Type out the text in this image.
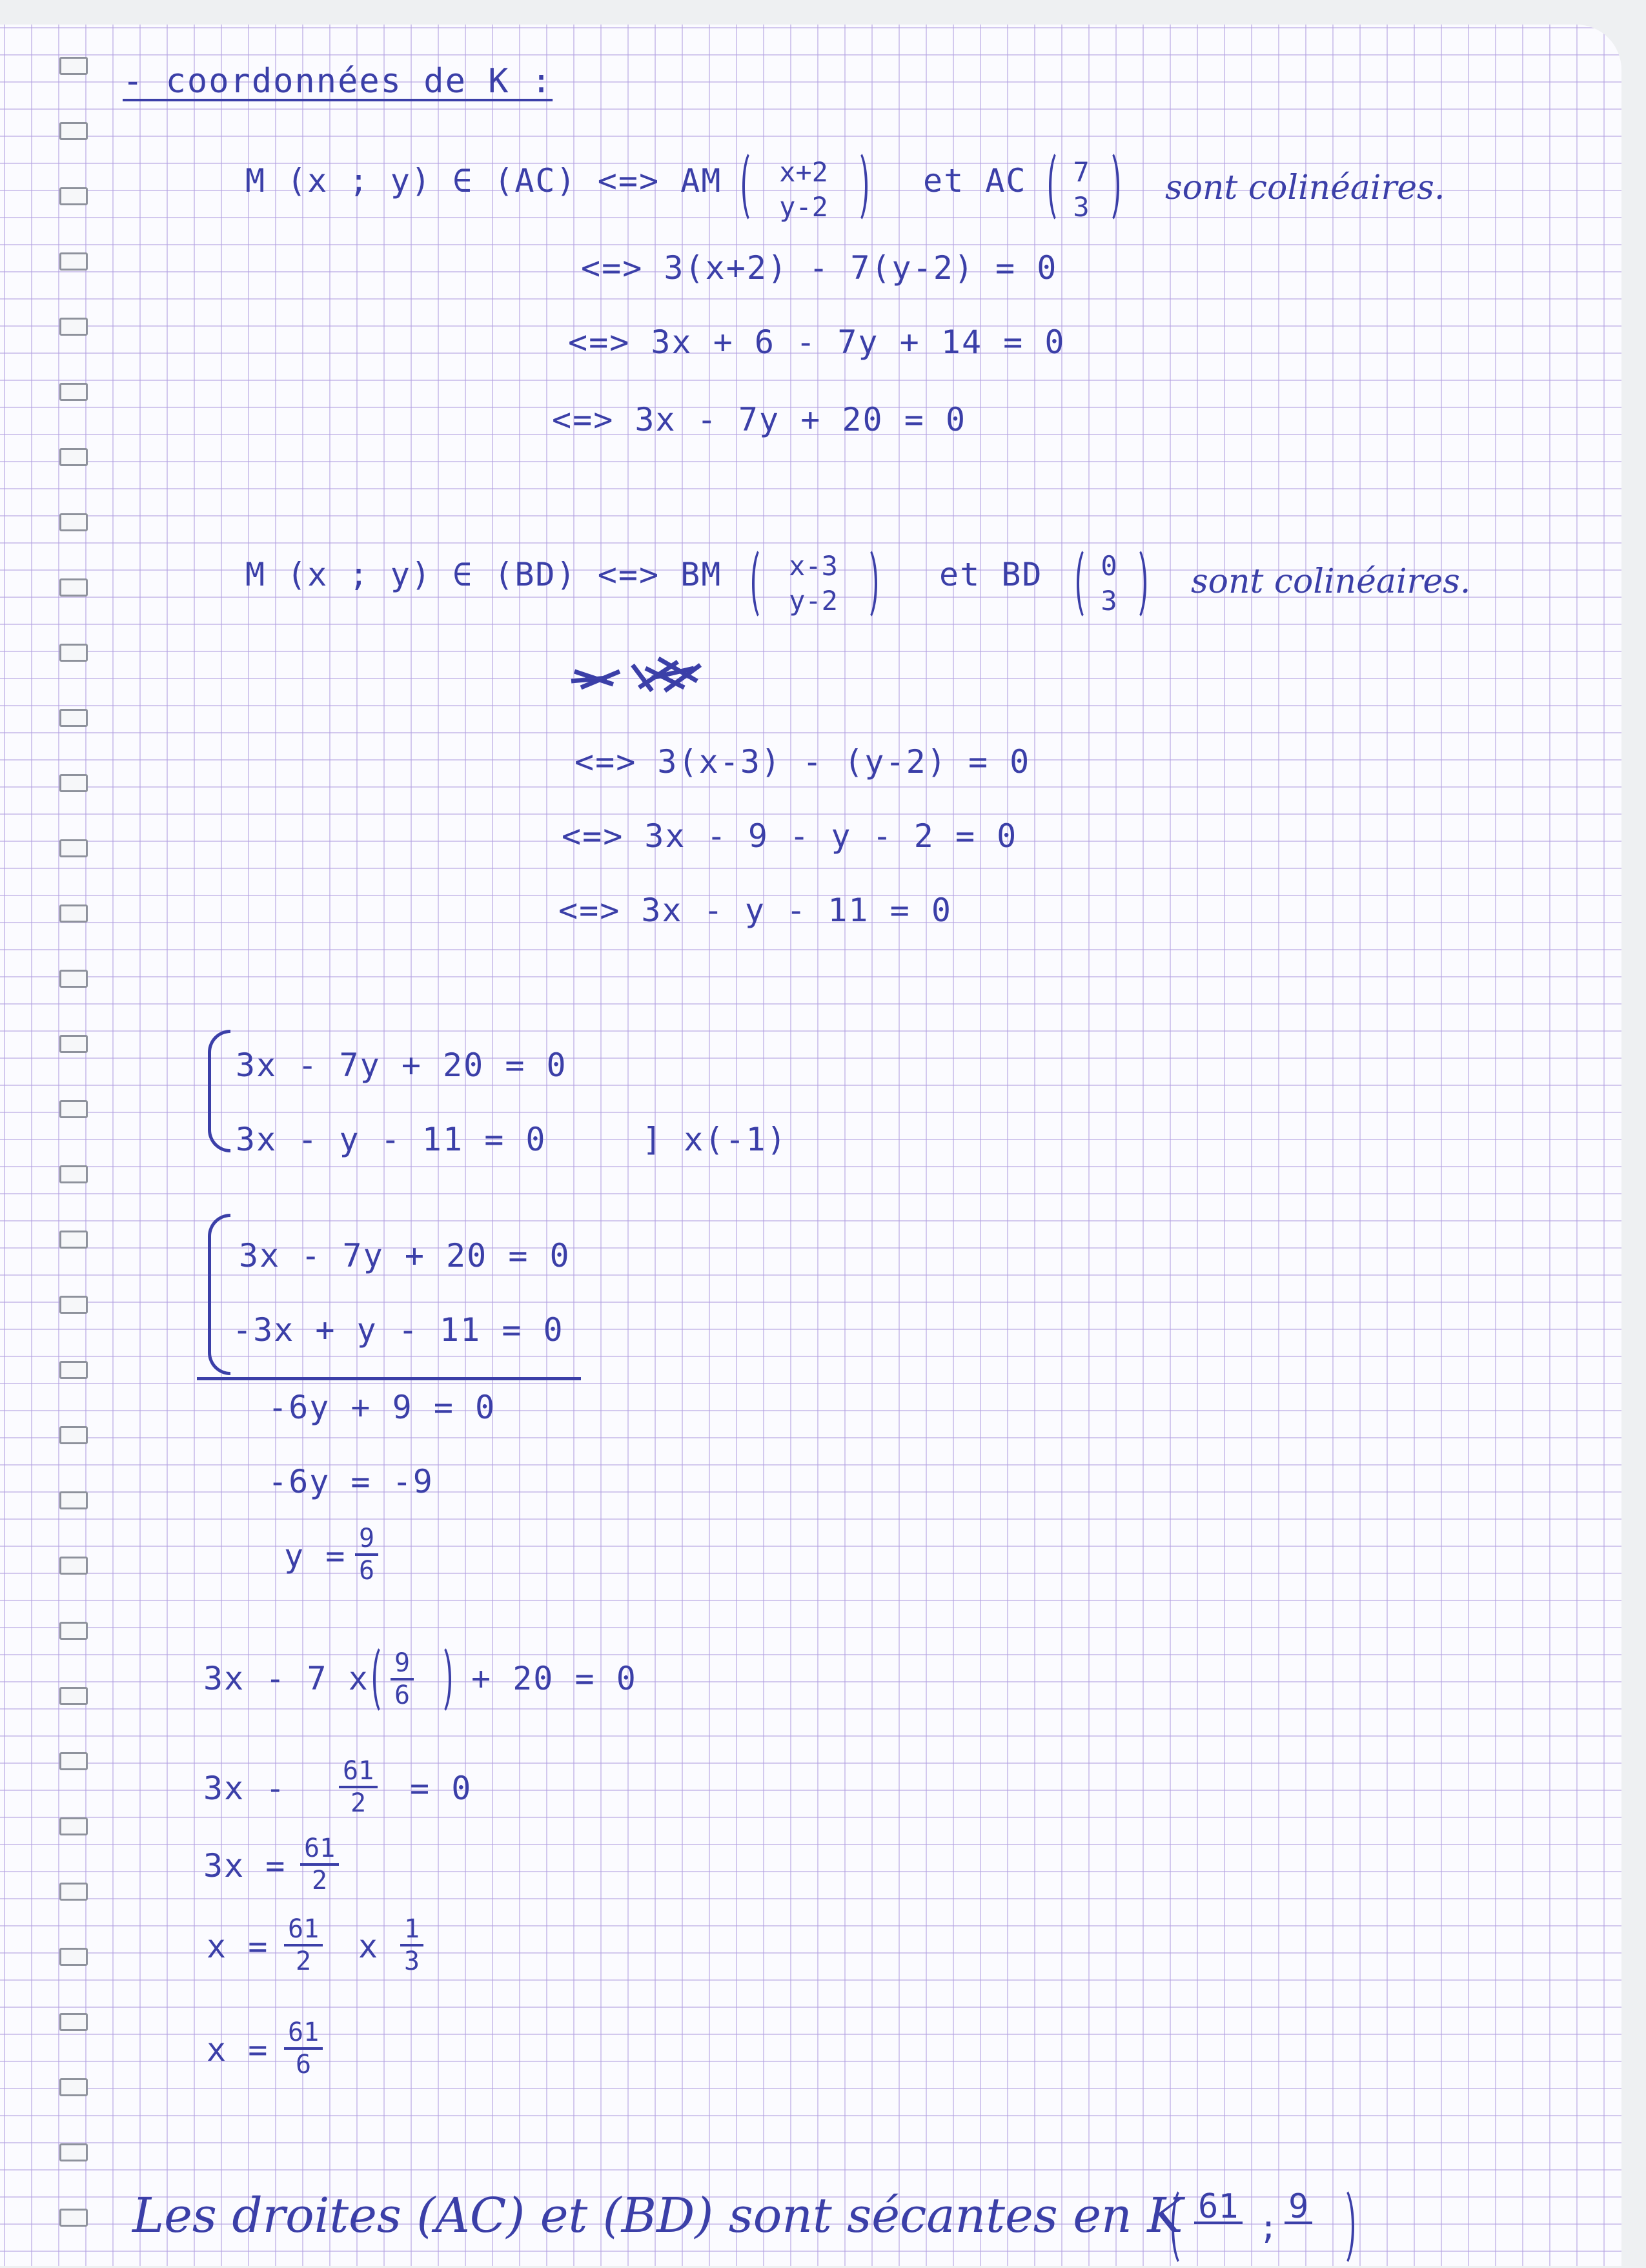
- coordonnées de K :

M (x ; y) ∈ (AC) <=> AM	x+2
y-2

et AC 7
3 sont colinéaires.

<=> 3(x+2) - 7(y-2) = 0

<=> 3x + 6 - 7y + 14 = 0

<=> 3x - 7y + 20 = 0

M (x ; y) ∈ (BD) <=> BM	x-3
y-2

et BD 0
3 sont colinéaires.

<=> 3(x-3) - (y-2) = 0

<=> 3x - 9 - y - 2 = 0

<=> 3x - y - 11 = 0

3x - 7y + 20 = 0

3x - y - 11 = 0	] x(-1)

3x - 7y + 20 = 0

-3x + y - 11 = 0

-6y + 9 = 0

-6y = -9

$y = \frac{9}{6}$

3x - 7 x $\frac{9}{6} + 20 = 0$

$3x - \frac{61}{2} = 0$

$3x = \frac{61}{2}$

$x = \frac{61}{2}$ x $\frac{1}{3}$

$x = \frac{61}{6}$

Les droites (AC) et (BD) sont sécantes en K 61

;

9
